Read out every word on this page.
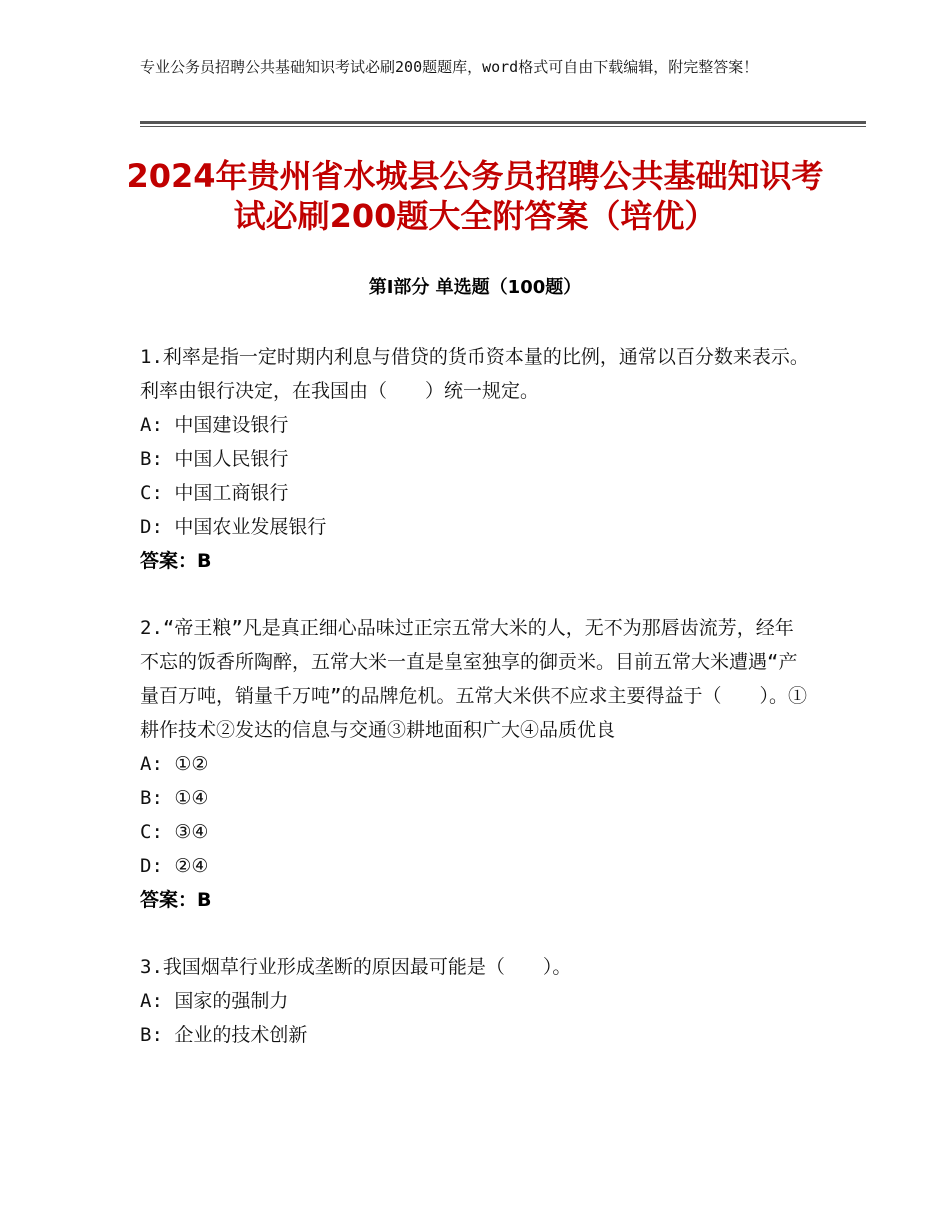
专业公务员招聘公共基础知识考试必刷200题题库，word格式可自由下载编辑，附完整答案！
2024年贵州省水城县公务员招聘公共基础知识考试必刷200题大全附答案（培优）
第Ⅰ部分 单选题（100题）
1.利率是指一定时期内利息与借贷的货币资本量的比例，通常以百分数来表示。利率由银行决定，在我国由（　　）统一规定。
A: 中国建设银行
B: 中国人民银行
C: 中国工商银行
D: 中国农业发展银行
答案：B
2.“帝王粮”凡是真正细心品味过正宗五常大米的人，无不为那唇齿流芳，经年不忘的饭香所陶醉，五常大米一直是皇室独享的御贡米。目前五常大米遭遇“产量百万吨，销量千万吨”的品牌危机。五常大米供不应求主要得益于（　　）。①耕作技术②发达的信息与交通③耕地面积广大④品质优良
A: ①②
B: ①④
C: ③④
D: ②④
答案：B
3.我国烟草行业形成垄断的原因最可能是（　　）。
A: 国家的强制力
B: 企业的技术创新
